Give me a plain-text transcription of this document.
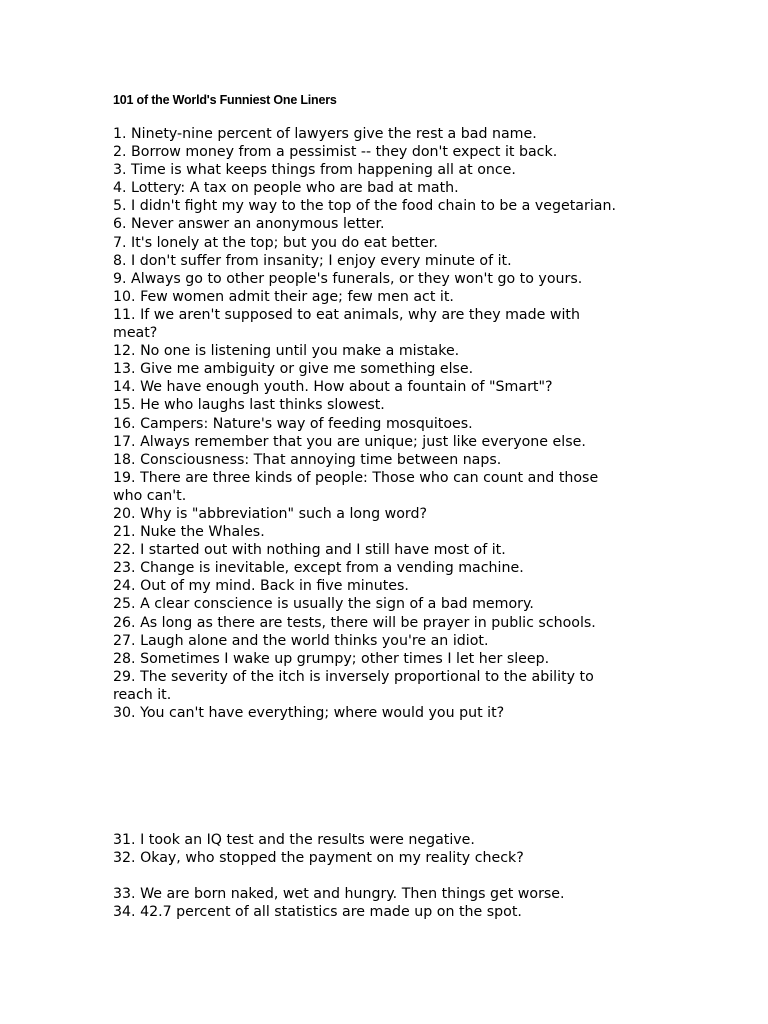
101 of the World's Funniest One Liners
1. Ninety-nine percent of lawyers give the rest a bad name.
2. Borrow money from a pessimist -- they don't expect it back.
3. Time is what keeps things from happening all at once.
4. Lottery: A tax on people who are bad at math.
5. I didn't fight my way to the top of the food chain to be a vegetarian.
6. Never answer an anonymous letter.
7. It's lonely at the top; but you do eat better.
8. I don't suffer from insanity; I enjoy every minute of it.
9. Always go to other people's funerals, or they won't go to yours.
10. Few women admit their age; few men act it.
11. If we aren't supposed to eat animals, why are they made with
meat?
12. No one is listening until you make a mistake.
13. Give me ambiguity or give me something else.
14. We have enough youth. How about a fountain of "Smart"?
15. He who laughs last thinks slowest.
16. Campers: Nature's way of feeding mosquitoes.
17. Always remember that you are unique; just like everyone else.
18. Consciousness: That annoying time between naps.
19. There are three kinds of people: Those who can count and those
who can't.
20. Why is "abbreviation" such a long word?
21. Nuke the Whales.
22. I started out with nothing and I still have most of it.
23. Change is inevitable, except from a vending machine.
24. Out of my mind. Back in five minutes.
25. A clear conscience is usually the sign of a bad memory.
26. As long as there are tests, there will be prayer in public schools.
27. Laugh alone and the world thinks you're an idiot.
28. Sometimes I wake up grumpy; other times I let her sleep.
29. The severity of the itch is inversely proportional to the ability to
reach it.
30. You can't have everything; where would you put it?
31. I took an IQ test and the results were negative.
32. Okay, who stopped the payment on my reality check?
33. We are born naked, wet and hungry. Then things get worse.
34. 42.7 percent of all statistics are made up on the spot.
